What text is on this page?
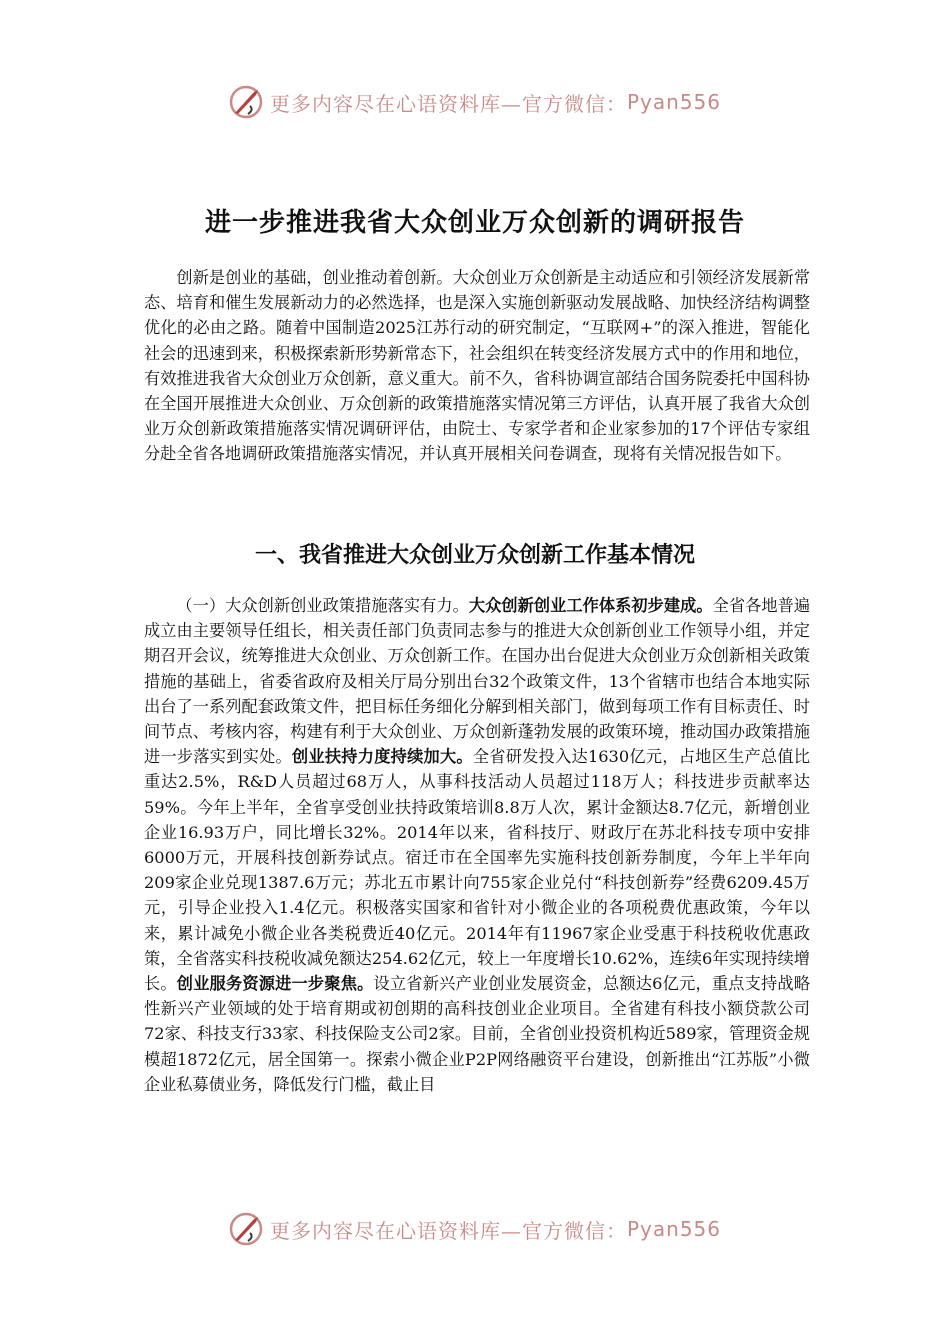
更多内容尽在心语资料库—官方微信： Pyan556
进一步推进我省大众创业万众创新的调研报告

创新是创业的基础，创业推动着创新。大众创业万众创新是主动适应和引领经济发展新常态、培育和催生发展新动力的必然选择，也是深入实施创新驱动发展战略、加快经济结构调整优化的必由之路。随着中国制造2025江苏行动的研究制定，“互联网+”的深入推进，智能化社会的迅速到来，积极探索新形势新常态下，社会组织在转变经济发展方式中的作用和地位，有效推进我省大众创业万众创新，意义重大。前不久，省科协调宣部结合国务院委托中国科协在全国开展推进大众创业、万众创新的政策措施落实情况第三方评估，认真开展了我省大众创业万众创新政策措施落实情况调研评估，由院士、专家学者和企业家参加的17个评估专家组分赴全省各地调研政策措施落实情况，并认真开展相关问卷调查，现将有关情况报告如下。

一、我省推进大众创业万众创新工作基本情况

（一）大众创新创业政策措施落实有力。大众创新创业工作体系初步建成。全省各地普遍成立由主要领导任组长，相关责任部门负责同志参与的推进大众创新创业工作领导小组，并定期召开会议，统筹推进大众创业、万众创新工作。在国办出台促进大众创业万众创新相关政策措施的基础上，省委省政府及相关厅局分别出台32个政策文件，13个省辖市也结合本地实际出台了一系列配套政策文件，把目标任务细化分解到相关部门，做到每项工作有目标责任、时间节点、考核内容，构建有利于大众创业、万众创新蓬勃发展的政策环境，推动国办政策措施进一步落实到实处。创业扶持力度持续加大。全省研发投入达1630亿元，占地区生产总值比重达2.5%，R&D人员超过68万人，从事科技活动人员超过118万人；科技进步贡献率达59%。今年上半年，全省享受创业扶持政策培训8.8万人次，累计金额达8.7亿元，新增创业企业16.93万户，同比增长32%。2014年以来，省科技厅、财政厅在苏北科技专项中安排6000万元，开展科技创新券试点。宿迁市在全国率先实施科技创新券制度，今年上半年向209家企业兑现1387.6万元；苏北五市累计向755家企业兑付“科技创新券”经费6209.45万元，引导企业投入1.4亿元。积极落实国家和省针对小微企业的各项税费优惠政策，今年以来，累计减免小微企业各类税费近40亿元。2014年有11967家企业受惠于科技税收优惠政策，全省落实科技税收减免额达254.62亿元，较上一年度增长10.62%，连续6年实现持续增长。创业服务资源进一步聚焦。设立省新兴产业创业发展资金，总额达6亿元，重点支持战略性新兴产业领域的处于培育期或初创期的高科技创业企业项目。全省建有科技小额贷款公司72家、科技支行33家、科技保险支公司2家。目前，全省创业投资机构近589家，管理资金规模超1872亿元，居全国第一。探索小微企业P2P网络融资平台建设，创新推出“江苏版”小微企业私募债业务，降低发行门槛，截止目

更多内容尽在心语资料库—官方微信： Pyan556
